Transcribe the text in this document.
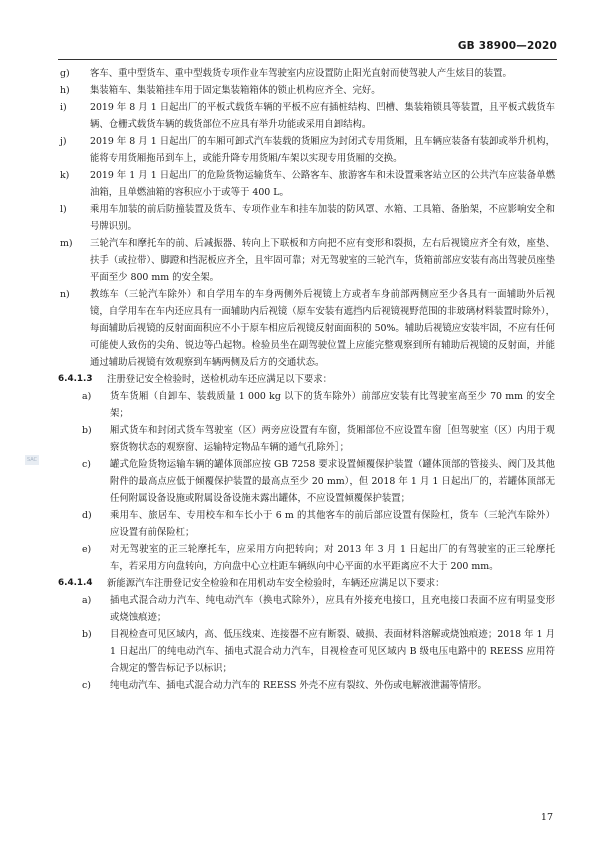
GB 38900—2020
SAC
g)	客车、重中型货车、重中型载货专项作业车驾驶室内应设置防止阳光直射而使驾驶人产生炫目的装置。
h)	集装箱车、集装箱挂车用于固定集装箱箱体的锁止机构应齐全、完好。
i)	2019 年 8 月 1 日起出厂的平板式载货车辆的平板不应有插桩结构、凹槽、集装箱锁具等装置，且平板式载货车辆、仓栅式载货车辆的载货部位不应具有举升功能或采用自卸结构。
j)	2019 年 8 月 1 日起出厂的车厢可卸式汽车装载的货厢应为封闭式专用货厢，且车辆应装备有装卸或举升机构，能将专用货厢拖吊到车上，或能升降专用货厢/车架以实现专用货厢的交换。
k)	2019 年 1 月 1 日起出厂的危险货物运输货车、公路客车、旅游客车和未设置乘客站立区的公共汽车应装备单燃油箱，且单燃油箱的容积应小于或等于 400 L。
l)	乘用车加装的前后防撞装置及货车、专项作业车和挂车加装的防风罩、水箱、工具箱、备胎架，不应影响安全和号牌识别。
m)	三轮汽车和摩托车的前、后减振器、转向上下联板和方向把不应有变形和裂损，左右后视镜应齐全有效，座垫、扶手（或拉带）、脚蹬和挡泥板应齐全，且牢固可靠；对无驾驶室的三轮汽车，货箱前部应安装有高出驾驶员座垫平面至少 800 mm 的安全架。
n)	教练车（三轮汽车除外）和自学用车的车身两侧外后视镜上方或者车身前部两侧应至少各具有一面辅助外后视镜，自学用车在车内还应具有一面辅助内后视镜（原车安装有遮挡内后视镜视野范围的非玻璃材料装置时除外），每面辅助后视镜的反射面面积应不小于原车相应后视镜反射面面积的 50%。辅助后视镜应安装牢固，不应有任何可能使人致伤的尖角、锐边等凸起物。检验员坐在副驾驶位置上应能完整观察到所有辅助后视镜的反射面，并能通过辅助后视镜有效观察到车辆两侧及后方的交通状态。
6.4.1.3	注册登记安全检验时，送检机动车还应满足以下要求：
a)	货车货厢（自卸车、装载质量 1 000 kg 以下的货车除外）前部应安装有比驾驶室高至少 70 mm 的安全架；
b)	厢式货车和封闭式货车驾驶室（区）两旁应设置有车窗，货厢部位不应设置车窗［但驾驶室（区）内用于观察货物状态的观察窗、运输特定物品车辆的通气孔除外］；
c)	罐式危险货物运输车辆的罐体顶部应按 GB 7258 要求设置倾覆保护装置（罐体顶部的管接头、阀门及其他附件的最高点应低于倾覆保护装置的最高点至少 20 mm），但 2018 年 1 月 1 日起出厂的，若罐体顶部无任何附属设备设施或附属设备设施未露出罐体，不应设置倾覆保护装置；
d)	乘用车、旅居车、专用校车和车长小于 6 m 的其他客车的前后部应设置有保险杠，货车（三轮汽车除外）应设置有前保险杠；
e)	对无驾驶室的正三轮摩托车，应采用方向把转向；对 2013 年 3 月 1 日起出厂的有驾驶室的正三轮摩托车，若采用方向盘转向，方向盘中心立柱距车辆纵向中心平面的水平距离应不大于 200 mm。
6.4.1.4	新能源汽车注册登记安全检验和在用机动车安全检验时，车辆还应满足以下要求：
a)	插电式混合动力汽车、纯电动汽车（换电式除外），应具有外接充电接口，且充电接口表面不应有明显变形或烧蚀痕迹；
b)	目视检查可见区域内，高、低压线束、连接器不应有断裂、破损、表面材料溶解或烧蚀痕迹；2018 年 1 月 1 日起出厂的纯电动汽车、插电式混合动力汽车，目视检查可见区域内 B 级电压电路中的 REESS 应用符合规定的警告标记予以标识；
c)	纯电动汽车、插电式混合动力汽车的 REESS 外壳不应有裂纹、外伤或电解液泄漏等情形。
17
